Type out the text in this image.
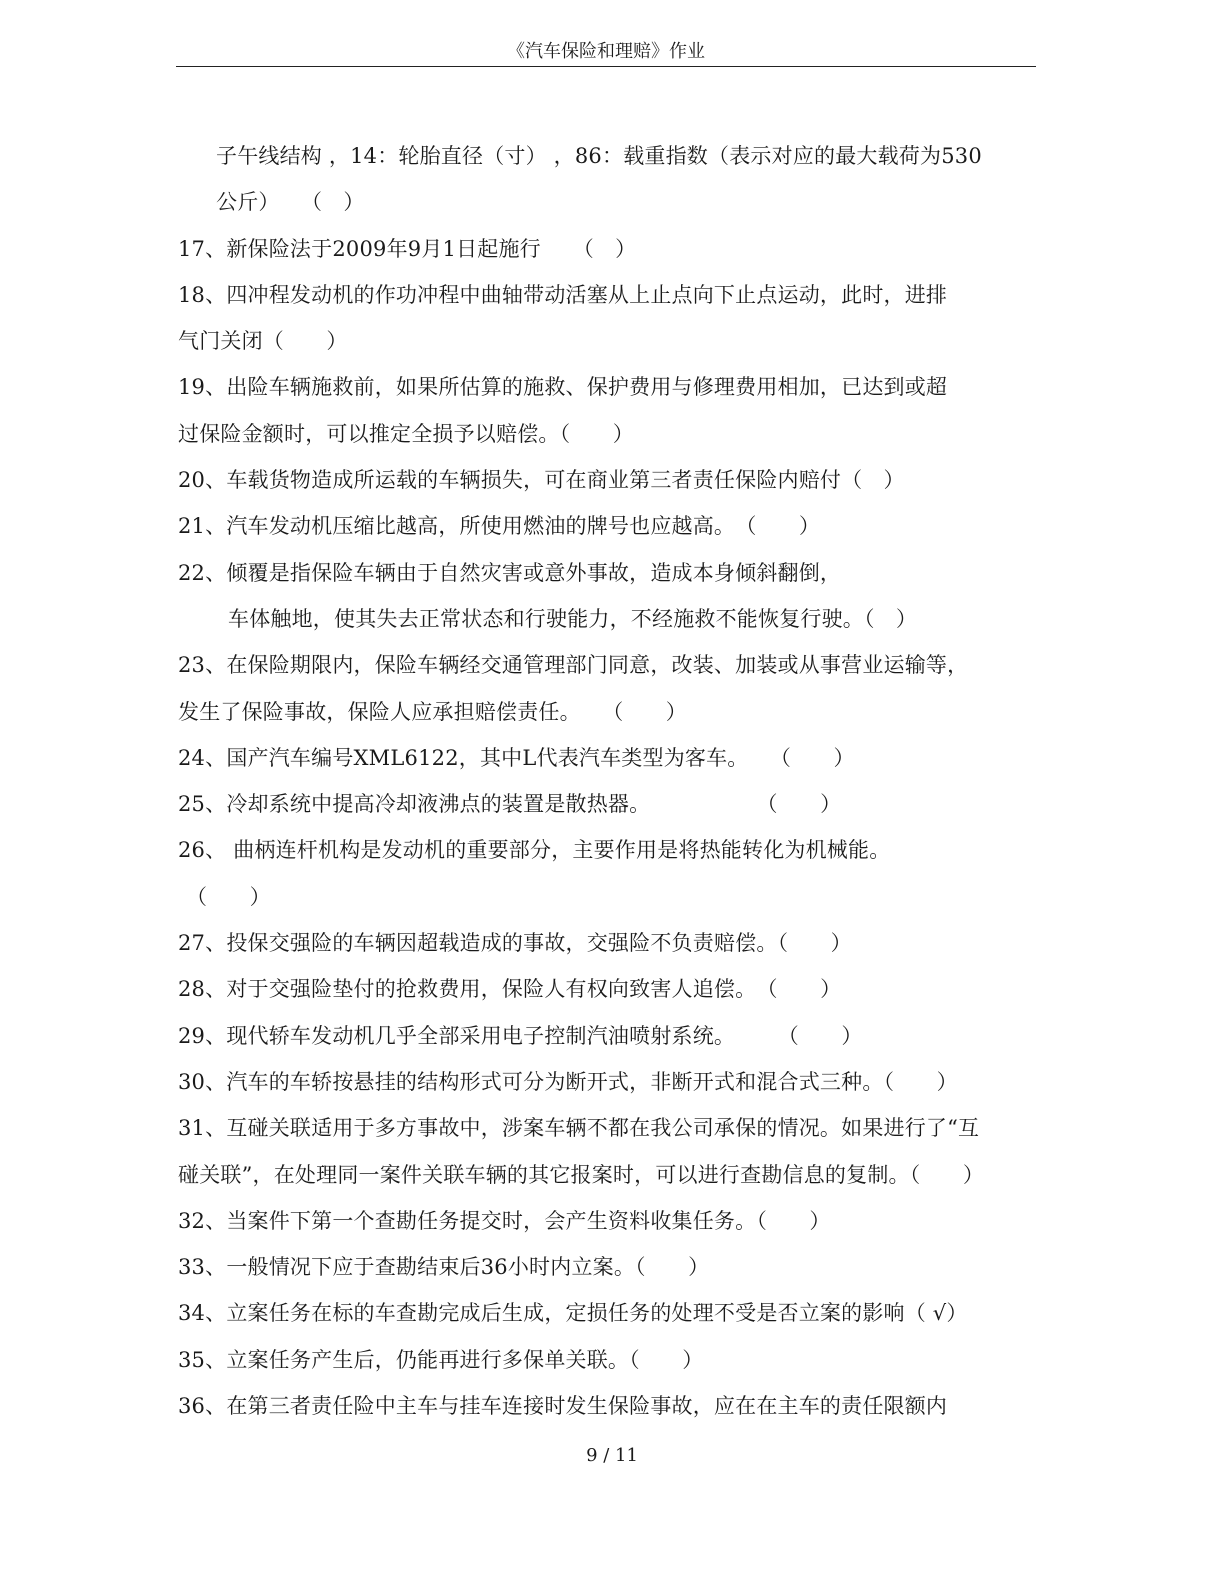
《汽车保险和理赔》作业
子午线结构 ，14：轮胎直径（寸） ，86：载重指数（表示对应的最大载荷为530
公斤）　　（　）
17、新保险法于2009年9月1日起施行　　（　）
18、四冲程发动机的作功冲程中曲轴带动活塞从上止点向下止点运动，此时，进排
气门关闭（　　）
19、出险车辆施救前，如果所估算的施救、保护费用与修理费用相加，已达到或超
过保险金额时，可以推定全损予以赔偿。（　　）
20、车载货物造成所运载的车辆损失，可在商业第三者责任保险内赔付（　）
21、汽车发动机压缩比越高，所使用燃油的牌号也应越高。　（　　）
22、倾覆是指保险车辆由于自然灾害或意外事故，造成本身倾斜翻倒，
车体触地，使其失去正常状态和行驶能力，不经施救不能恢复行驶。（　）
23、在保险期限内，保险车辆经交通管理部门同意，改装、加装或从事营业运输等，
发生了保险事故，保险人应承担赔偿责任。　　（　　）
24、国产汽车编号XML6122，其中L代表汽车类型为客车。　　（　　）
25、冷却系统中提高冷却液沸点的装置是散热器。　　　　　　（　　）
26、 曲柄连杆机构是发动机的重要部分，主要作用是将热能转化为机械能。
（　　）
27、投保交强险的车辆因超载造成的事故，交强险不负责赔偿。（　　）
28、对于交强险垫付的抢救费用，保险人有权向致害人追偿。　（　　）
29、现代轿车发动机几乎全部采用电子控制汽油喷射系统。　　　（　　）
30、汽车的车轿按悬挂的结构形式可分为断开式，非断开式和混合式三种。（　　）
31、互碰关联适用于多方事故中，涉案车辆不都在我公司承保的情况。如果进行了“互
碰关联”，在处理同一案件关联车辆的其它报案时，可以进行查勘信息的复制。（　　）
32、当案件下第一个查勘任务提交时，会产生资料收集任务。（　　）
33、一般情况下应于查勘结束后36小时内立案。（　　）
34、立案任务在标的车查勘完成后生成，定损任务的处理不受是否立案的影响（ √）
35、立案任务产生后，仍能再进行多保单关联。（　　）
36、在第三者责任险中主车与挂车连接时发生保险事故，应在在主车的责任限额内
9 / 11
